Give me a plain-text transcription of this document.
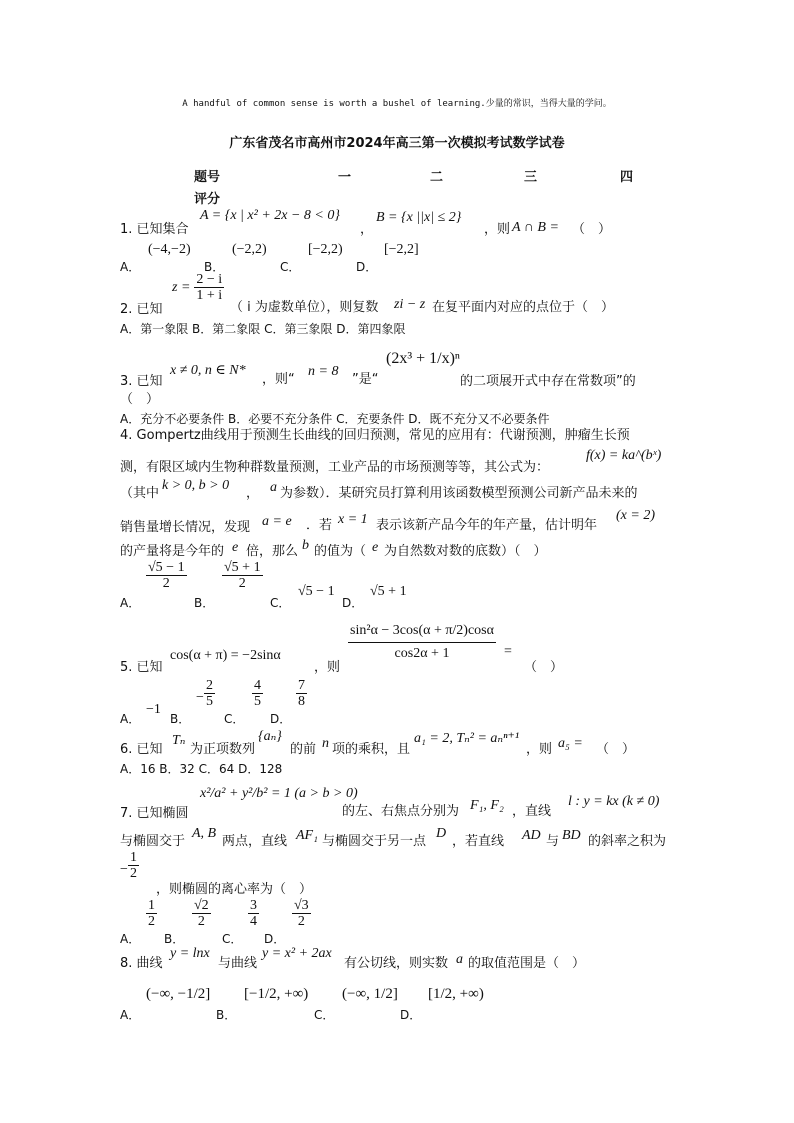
A handful of common sense is worth a bushel of learning.少量的常识，当得大量的学问。
广东省茂名市高州市2024年高三第一次模拟考试数学试卷
题号	一	二	三	四
评分
1. 已知集合
A = {x | x² + 2x − 8 < 0}
，
B = {x ||x| ≤ 2}
，则 A ∩ B = （　）
A．
(−4,−2)
B．
(−2,2)
C．
[−2,2)
D．
[−2,2]
$z = \frac{2 - i}{1 + i}$
2. 已知	（ i 为虚数单位），则复数 zi − z 在复平面内对应的点位于（　）
A．第一象限 B．第二象限 C．第三象限 D．第四象限
3. 已知
x ≠ 0, n ∈ N*
，则“
n = 8
”是“
(2x³ + 1/x)ⁿ
的二项展开式中存在常数项”的
（　）
A．充分不必要条件 B．必要不充分条件 C．充要条件 D．既不充分又不必要条件
4. Gompertz曲线用于预测生长曲线的回归预测，常见的应用有：代谢预测，肿瘤生长预
测，有限区域内生物种群数量预测，工业产品的市场预测等等，其公式为：
f(x) = ka^(bˣ)
（其中
k > 0, b > 0
， a 为参数）．某研究员打算利用该函数模型预测公司新产品未来的
销售量增长情况，发现 a = e ．若 x = 1 表示该新产品今年的年产量，估计明年
(x = 2)
的产量将是今年的 e 倍，那么 b 的值为（ e 为自然数对数的底数）（　）
A．
$\frac{√5 - 1}{2}$
B．
$\frac{√5 + 1}{2}$
C．
√5 − 1
D．
√5 + 1
5. 已知
cos(α + π) = −2sinα
，则
$\frac{\text{sin²α − 3cos(α + π/2)cosα}}{\cos 2\alpha + 1}$ =
（　）
A．
−1
B．
− $\frac{2}{5}$
C．
$\frac{4}{5}$
D．
$\frac{7}{8}$
6. 已知
Tₙ
为正项数列
{aₙ}
的前 n 项的乘积，且
a₁ = 2, Tₙ² = aₙⁿ⁺¹
，则 a₅ = （　）
A．16 B．32 C．64 D．128
7. 已知椭圆
x²/a² + y²/b² = 1 (a > b > 0)
的左、右焦点分别为 F₁, F₂ ，直线
l : y = kx (k ≠ 0)
与椭圆交于
A, B
两点，直线 AF₁ 与椭圆交于另一点
D
，若直线 AD 与 BD 的斜率之积为
− $\frac{1}{2}$
，则椭圆的离心率为（　）
A．
$\frac{1}{2}$
B．
$\frac{√2}{2}$
C．
$\frac{3}{4}$
D．
$\frac{√3}{2}$
8. 曲线
y = lnx
与曲线
y = x² + 2ax
有公切线，则实数 a 的取值范围是（　）
A．
(−∞, −1/2]
B．
[−1/2, +∞)
C．
(−∞, 1/2]
D．
[1/2, +∞)
